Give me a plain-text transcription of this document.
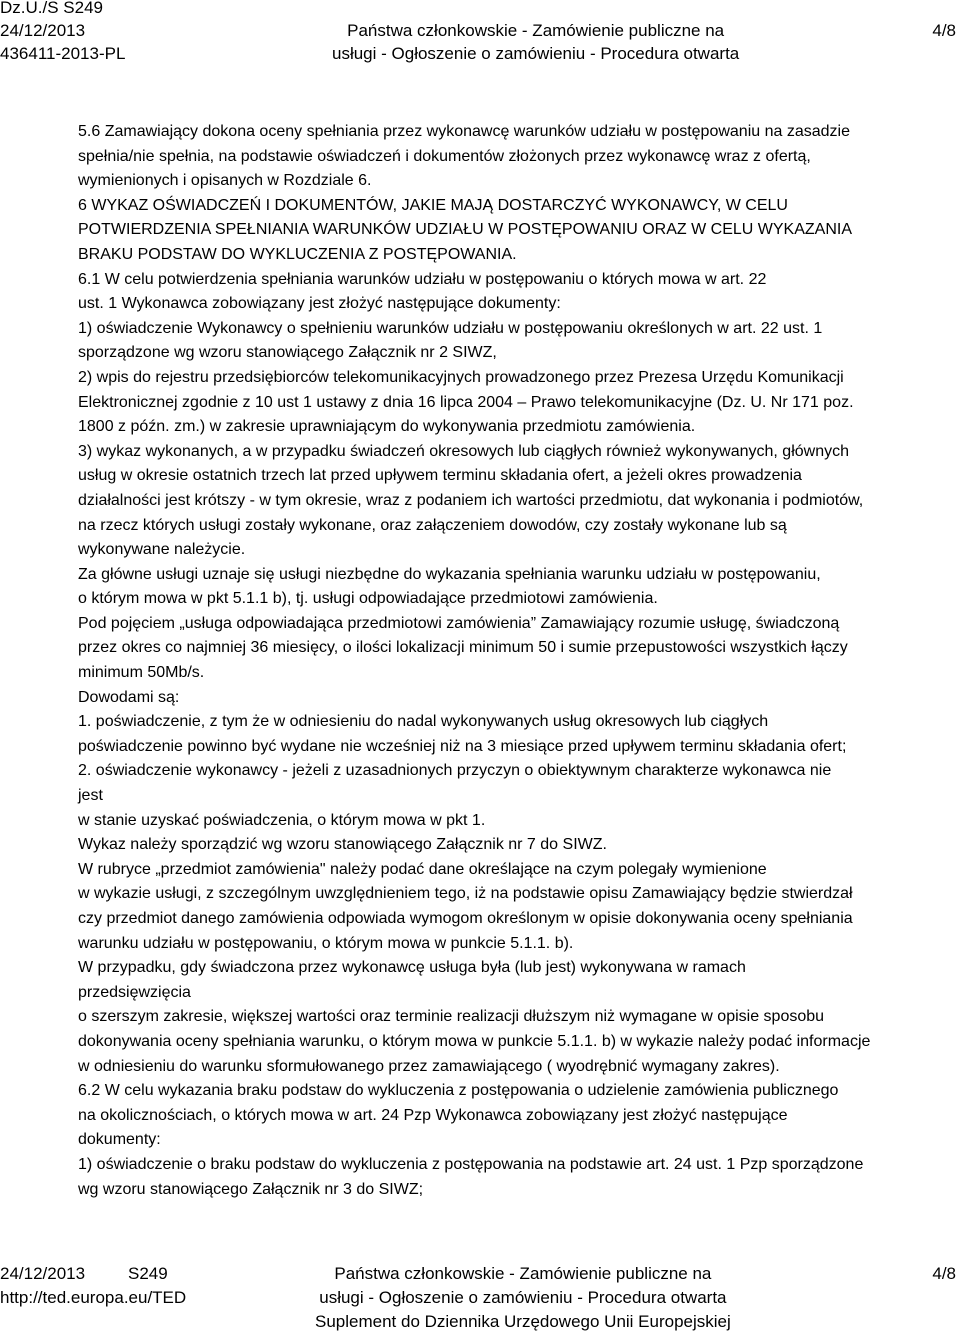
Dz.U./S S249
24/12/2013
436411-2013-PL
Państwa członkowskie - Zamówienie publiczne na
usługi - Ogłoszenie o zamówieniu - Procedura otwarta
4/8
5.6 Zamawiający dokona oceny spełniania przez wykonawcę warunków udziału w postępowaniu na zasadzie
spełnia/nie spełnia, na podstawie oświadczeń i dokumentów złożonych przez wykonawcę wraz z ofertą,
wymienionych i opisanych w Rozdziale 6.
6 WYKAZ OŚWIADCZEŃ I DOKUMENTÓW, JAKIE MAJĄ DOSTARCZYĆ WYKONAWCY, W CELU
POTWIERDZENIA SPEŁNIANIA WARUNKÓW UDZIAŁU W POSTĘPOWANIU ORAZ W CELU WYKAZANIA
BRAKU PODSTAW DO WYKLUCZENIA Z POSTĘPOWANIA.
6.1 W celu potwierdzenia spełniania warunków udziału w postępowaniu o których mowa w art. 22
ust. 1 Wykonawca zobowiązany jest złożyć następujące dokumenty:
1) oświadczenie Wykonawcy o spełnieniu warunków udziału w postępowaniu określonych w art. 22 ust. 1
sporządzone wg wzoru stanowiącego Załącznik nr 2 SIWZ,
2) wpis do rejestru przedsiębiorców telekomunikacyjnych prowadzonego przez Prezesa Urzędu Komunikacji
Elektronicznej zgodnie z 10 ust 1 ustawy z dnia 16 lipca 2004 – Prawo telekomunikacyjne (Dz. U. Nr 171 poz.
1800 z późn. zm.) w zakresie uprawniającym do wykonywania przedmiotu zamówienia.
3) wykaz wykonanych, a w przypadku świadczeń okresowych lub ciągłych również wykonywanych, głównych
usług w okresie ostatnich trzech lat przed upływem terminu składania ofert, a jeżeli okres prowadzenia
działalności jest krótszy - w tym okresie, wraz z podaniem ich wartości przedmiotu, dat wykonania i podmiotów,
na rzecz których usługi zostały wykonane, oraz załączeniem dowodów, czy zostały wykonane lub są
wykonywane należycie.
Za główne usługi uznaje się usługi niezbędne do wykazania spełniania warunku udziału w postępowaniu,
o którym mowa w pkt 5.1.1 b), tj. usługi odpowiadające przedmiotowi zamówienia.
Pod pojęciem „usługa odpowiadająca przedmiotowi zamówienia” Zamawiający rozumie usługę, świadczoną
przez okres co najmniej 36 miesięcy, o ilości lokalizacji minimum 50 i sumie przepustowości wszystkich łączy
minimum 50Mb/s.
Dowodami są:
1. poświadczenie, z tym że w odniesieniu do nadal wykonywanych usług okresowych lub ciągłych
poświadczenie powinno być wydane nie wcześniej niż na 3 miesiące przed upływem terminu składania ofert;
2. oświadczenie wykonawcy - jeżeli z uzasadnionych przyczyn o obiektywnym charakterze wykonawca nie
jest
w stanie uzyskać poświadczenia, o którym mowa w pkt 1.
Wykaz należy sporządzić wg wzoru stanowiącego Załącznik nr 7 do SIWZ.
W rubryce „przedmiot zamówienia" należy podać dane określające na czym polegały wymienione
w wykazie usługi, z szczególnym uwzględnieniem tego, iż na podstawie opisu Zamawiający będzie stwierdzał
czy przedmiot danego zamówienia odpowiada wymogom określonym w opisie dokonywania oceny spełniania
warunku udziału w postępowaniu, o którym mowa w punkcie 5.1.1. b).
W przypadku, gdy świadczona przez wykonawcę usługa była (lub jest) wykonywana w ramach
przedsięwzięcia
o szerszym zakresie, większej wartości oraz terminie realizacji dłuższym niż wymagane w opisie sposobu
dokonywania oceny spełniania warunku, o którym mowa w punkcie 5.1.1. b) w wykazie należy podać informacje
w odniesieniu do warunku sformułowanego przez zamawiającego ( wyodrębnić wymagany zakres).
6.2 W celu wykazania braku podstaw do wykluczenia z postępowania o udzielenie zamówienia publicznego
na okolicznościach, o których mowa w art. 24 Pzp Wykonawca zobowiązany jest złożyć następujące
dokumenty:
1) oświadczenie o braku podstaw do wykluczenia z postępowania na podstawie art. 24 ust. 1 Pzp sporządzone
wg wzoru stanowiącego Załącznik nr 3 do SIWZ;
24/12/2013	S249
http://ted.europa.eu/TED
Państwa członkowskie - Zamówienie publiczne na
usługi - Ogłoszenie o zamówieniu - Procedura otwarta
Suplement do Dziennika Urzędowego Unii Europejskiej
4/8
